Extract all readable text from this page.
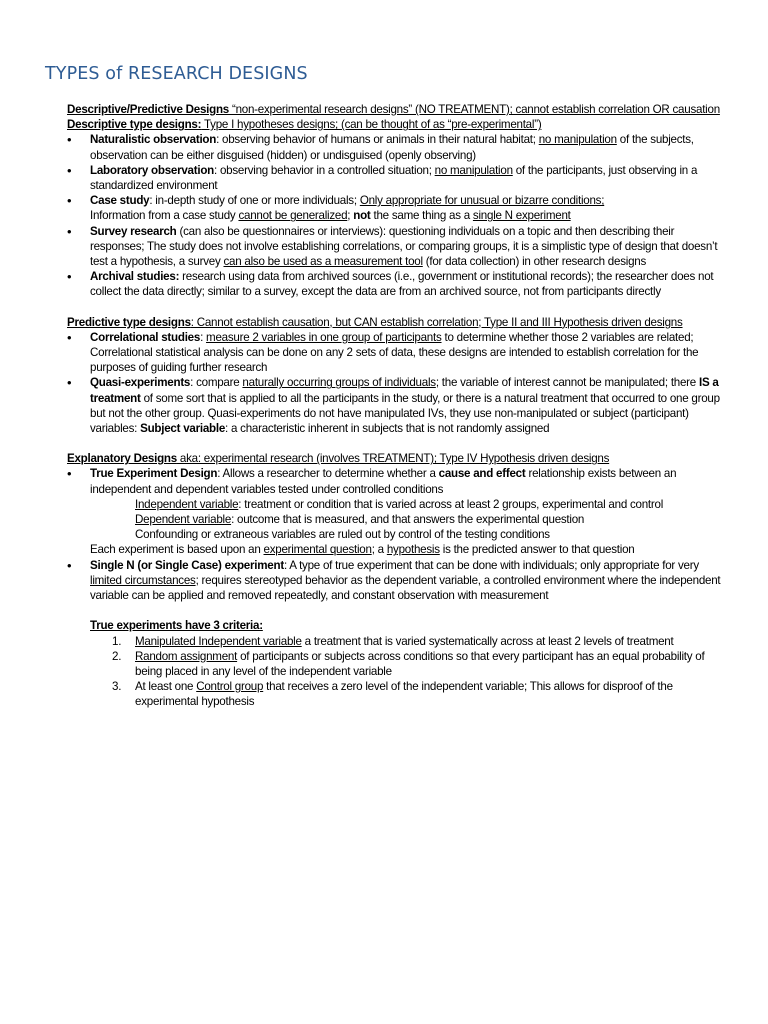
TYPES of RESEARCH DESIGNS

Descriptive/Predictive Designs “non-experimental research designs” (NO TREATMENT); cannot establish correlation OR causation

Descriptive type designs: Type I hypotheses designs; (can be thought of as “pre-experimental”)

• Naturalistic observation: observing behavior of humans or animals in their natural habitat; no manipulation of the subjects, observation can be either disguised (hidden) or undisguised (openly observing)
• Laboratory observation: observing behavior in a controlled situation; no manipulation of the participants, just observing in a standardized environment
• Case study: in-depth study of one or more individuals; Only appropriate for unusual or bizarre conditions;
Information from a case study cannot be generalized; not the same thing as a single N experiment
• Survey research (can also be questionnaires or interviews): questioning individuals on a topic and then describing their responses; The study does not involve establishing correlations, or comparing groups, it is a simplistic type of design that doesn’t test a hypothesis, a survey can also be used as a measurement tool (for data collection) in other research designs
• Archival studies: research using data from archived sources (i.e., government or institutional records); the researcher does not collect the data directly; similar to a survey, except the data are from an archived source, not from participants directly

Predictive type designs: Cannot establish causation, but CAN establish correlation; Type II and III Hypothesis driven designs

• Correlational studies: measure 2 variables in one group of participants to determine whether those 2 variables are related; Correlational statistical analysis can be done on any 2 sets of data, these designs are intended to establish correlation for the purposes of guiding further research
• Quasi-experiments: compare naturally occurring groups of individuals; the variable of interest cannot be manipulated; there IS a treatment of some sort that is applied to all the participants in the study, or there is a natural treatment that occurred to one group but not the other group. Quasi-experiments do not have manipulated IVs, they use non-manipulated or subject (participant) variables: Subject variable: a characteristic inherent in subjects that is not randomly assigned

Explanatory Designs aka: experimental research (involves TREATMENT); Type IV Hypothesis driven designs

• True Experiment Design: Allows a researcher to determine whether a cause and effect relationship exists between an independent and dependent variables tested under controlled conditions

Independent variable: treatment or condition that is varied across at least 2 groups, experimental and control

Dependent variable: outcome that is measured, and that answers the experimental question

Confounding or extraneous variables are ruled out by control of the testing conditions

Each experiment is based upon an experimental question; a hypothesis is the predicted answer to that question

• Single N (or Single Case) experiment: A type of true experiment that can be done with individuals; only appropriate for very limited circumstances; requires stereotyped behavior as the dependent variable, a controlled environment where the independent variable can be applied and removed repeatedly, and constant observation with measurement

True experiments have 3 criteria:

1. Manipulated Independent variable a treatment that is varied systematically across at least 2 levels of treatment
2. Random assignment of participants or subjects across conditions so that every participant has an equal probability of being placed in any level of the independent variable
3. At least one Control group that receives a zero level of the independent variable; This allows for disproof of the experimental hypothesis
